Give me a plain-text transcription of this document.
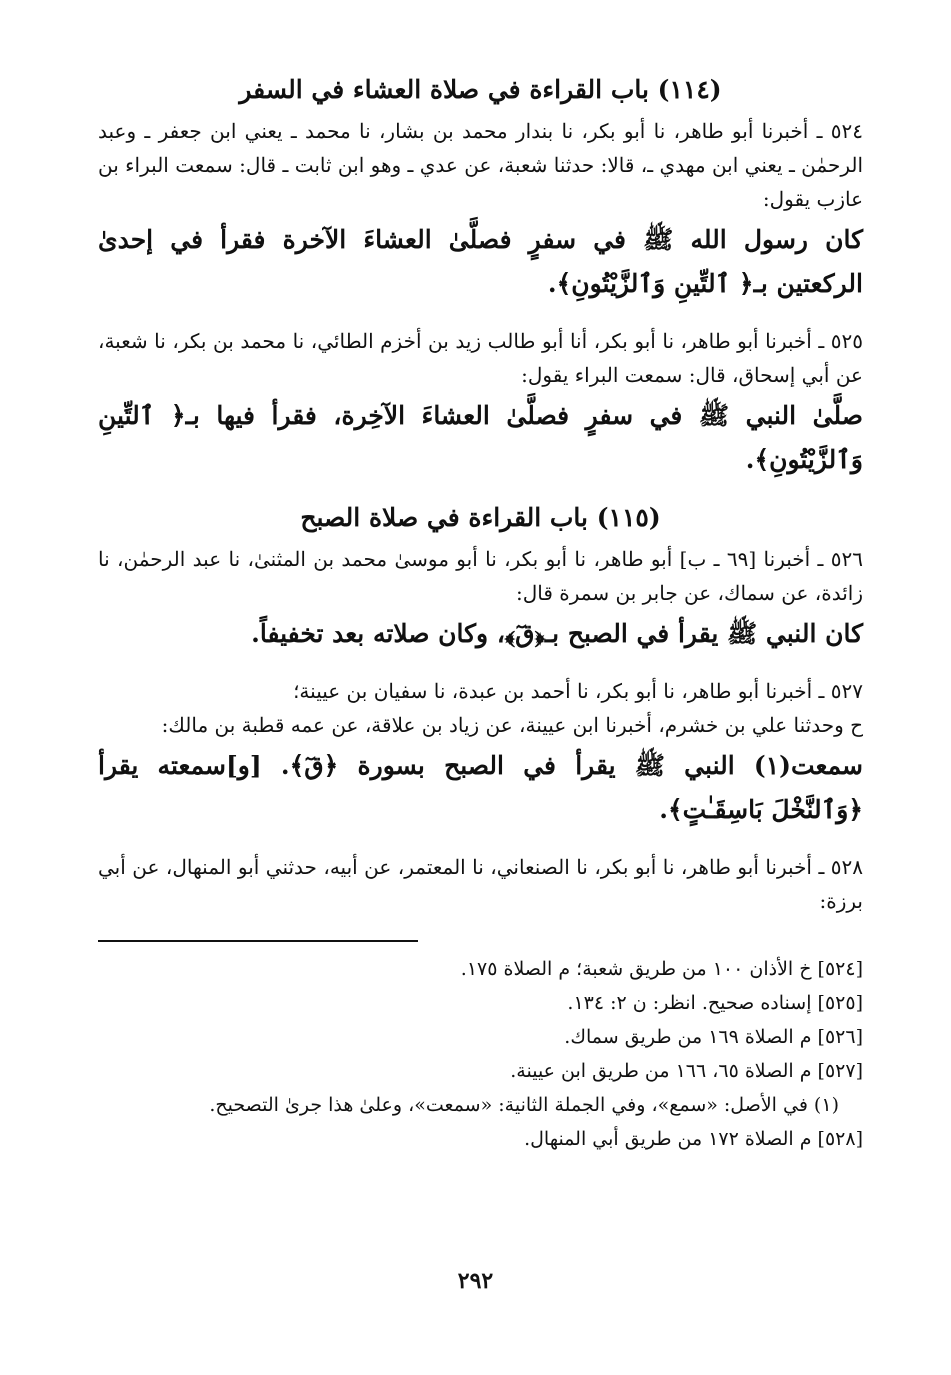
(١١٤) باب القراءة في صلاة العشاء في السفر

٥٢٤ ـ أخبرنا أبو طاهر، نا أبو بكر، نا بندار محمد بن بشار، نا محمد ـ يعني ابن جعفر ـ وعبد الرحمٰن ـ يعني ابن مهدي ـ، قالا: حدثنا شعبة، عن عدي ـ وهو ابن ثابت ـ قال: سمعت البراء بن عازب يقول:

كان رسول الله ﷺ في سفرٍ فصلَّىٰ العشاءَ الآخرة فقرأ في إحدىٰ الركعتين بـ﴿ ٱلتِّينِ وَٱلزَّيْتُونِ﴾.

٥٢٥ ـ أخبرنا أبو طاهر، نا أبو بكر، أنا أبو طالب زيد بن أخزم الطائي، نا محمد بن بكر، نا شعبة، عن أبي إسحاق، قال: سمعت البراء يقول:

صلَّىٰ النبي ﷺ في سفرٍ فصلَّىٰ العشاءَ الآخِرة، فقرأ فيها بـ﴿ ٱلتِّينِ وَٱلزَّيْتُونِ﴾.

(١١٥) باب القراءة في صلاة الصبح

٥٢٦ ـ أخبرنا [٦٩ ـ ب] أبو طاهر، نا أبو بكر، نا أبو موسىٰ محمد بن المثنىٰ، نا عبد الرحمٰن، نا زائدة، عن سماك، عن جابر بن سمرة قال:

كان النبي ﷺ يقرأ في الصبح بـ﴿قٓ﴾، وكان صلاته بعد تخفيفاً.

٥٢٧ ـ أخبرنا أبو طاهر، نا أبو بكر، نا أحمد بن عبدة، نا سفيان بن عيينة؛

ح وحدثنا علي بن خشرم، أخبرنا ابن عيينة، عن زياد بن علاقة، عن عمه قطبة بن مالك:

سمعت(١) النبي ﷺ يقرأ في الصبح بسورة ﴿قٓ﴾. [و]سمعته يقرأ ﴿وَٱلنَّخْلَ بَاسِقَـٰتٍ﴾.

٥٢٨ ـ أخبرنا أبو طاهر، نا أبو بكر، نا الصنعاني، نا المعتمر، عن أبيه، حدثني أبو المنهال، عن أبي برزة:

[٥٢٤] خ الأذان ١٠٠ من طريق شعبة؛ م الصلاة ١٧٥.

[٥٢٥] إسناده صحيح. انظر: ن ٢: ١٣٤.

[٥٢٦] م الصلاة ١٦٩ من طريق سماك.

[٥٢٧] م الصلاة ٦٥، ١٦٦ من طريق ابن عيينة.

(١) في الأصل: «سمع»، وفي الجملة الثانية: «سمعت»، وعلىٰ هذا جرىٰ التصحيح.

[٥٢٨] م الصلاة ١٧٢ من طريق أبي المنهال.

٢٩٢
